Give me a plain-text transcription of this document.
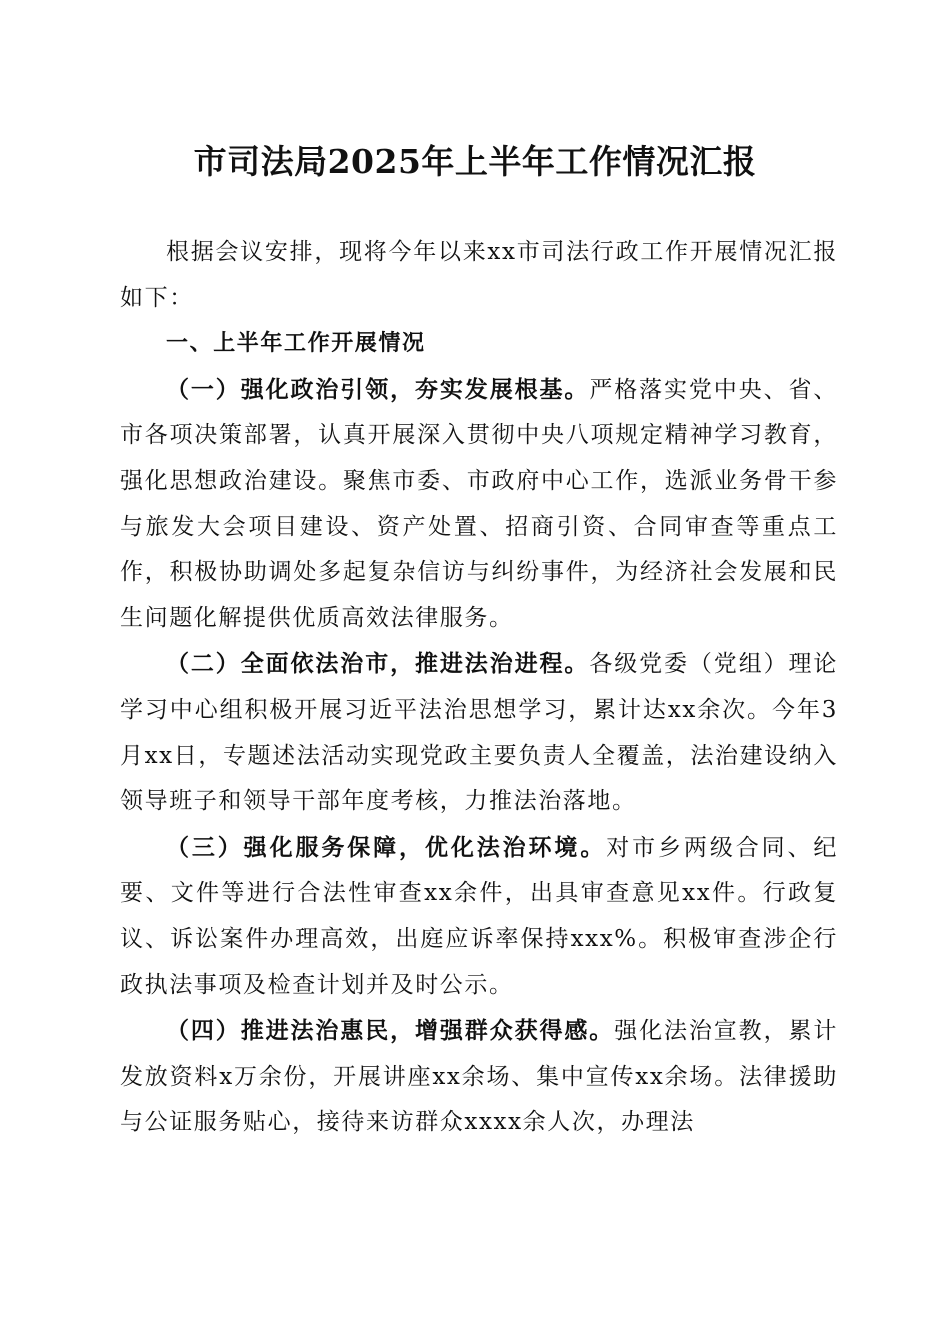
市司法局2025年上半年工作情况汇报

根据会议安排，现将今年以来xx市司法行政工作开展情况汇报如下：

一、上半年工作开展情况

（一）强化政治引领，夯实发展根基。严格落实党中央、省、市各项决策部署，认真开展深入贯彻中央八项规定精神学习教育，强化思想政治建设。聚焦市委、市政府中心工作，选派业务骨干参与旅发大会项目建设、资产处置、招商引资、合同审查等重点工作，积极协助调处多起复杂信访与纠纷事件，为经济社会发展和民生问题化解提供优质高效法律服务。

（二）全面依法治市，推进法治进程。各级党委（党组）理论学习中心组积极开展习近平法治思想学习，累计达xx余次。今年3月xx日，专题述法活动实现党政主要负责人全覆盖，法治建设纳入领导班子和领导干部年度考核，力推法治落地。

（三）强化服务保障，优化法治环境。对市乡两级合同、纪要、文件等进行合法性审查xx余件，出具审查意见xx件。行政复议、诉讼案件办理高效，出庭应诉率保持xxx%。积极审查涉企行政执法事项及检查计划并及时公示。

（四）推进法治惠民，增强群众获得感。强化法治宣教，累计发放资料x万余份，开展讲座xx余场、集中宣传xx余场。法律援助与公证服务贴心，接待来访群众xxxx余人次，办理法
